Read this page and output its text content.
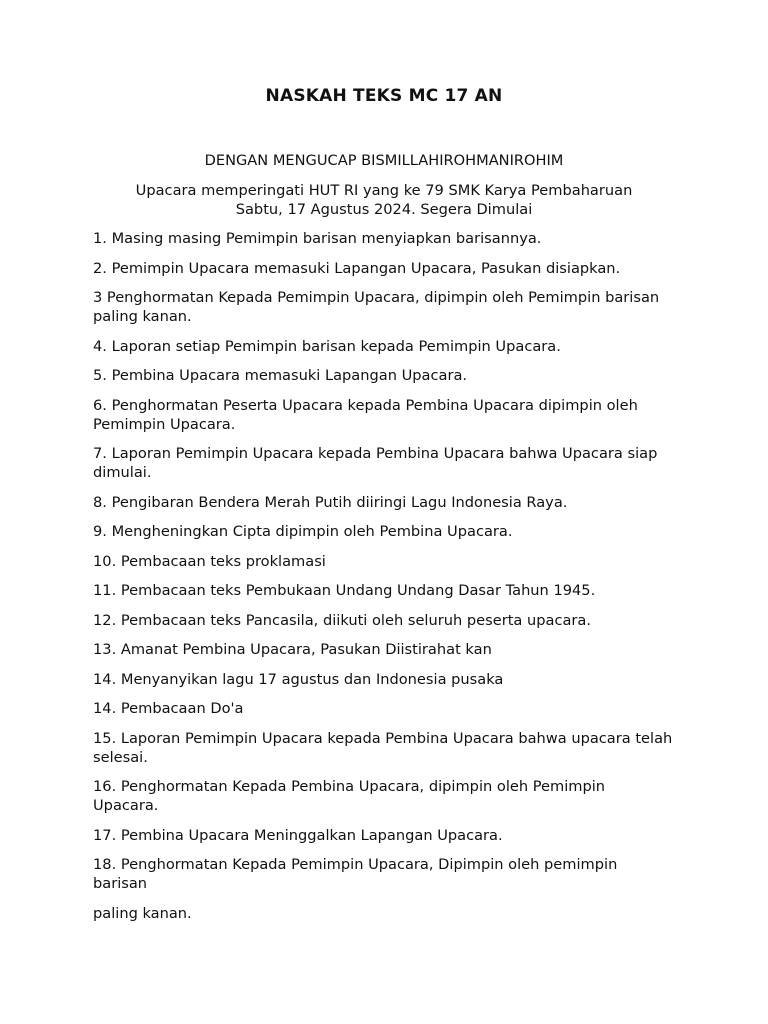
NASKAH TEKS MC 17 AN

DENGAN MENGUCAP BISMILLAHIROHMANIROHIM

Upacara memperingati HUT RI yang ke 79 SMK Karya Pembaharuan
Sabtu, 17 Agustus 2024. Segera Dimulai

1. Masing masing Pemimpin barisan menyiapkan barisannya.
2. Pemimpin Upacara memasuki Lapangan Upacara, Pasukan disiapkan.
3 Penghormatan Kepada Pemimpin Upacara, dipimpin oleh Pemimpin barisan paling kanan.
4. Laporan setiap Pemimpin barisan kepada Pemimpin Upacara.
5. Pembina Upacara memasuki Lapangan Upacara.
6. Penghormatan Peserta Upacara kepada Pembina Upacara dipimpin oleh Pemimpin Upacara.
7. Laporan Pemimpin Upacara kepada Pembina Upacara bahwa Upacara siap dimulai.
8. Pengibaran Bendera Merah Putih diiringi Lagu Indonesia Raya.
9. Mengheningkan Cipta dipimpin oleh Pembina Upacara.
10. Pembacaan teks proklamasi
11. Pembacaan teks Pembukaan Undang Undang Dasar Tahun 1945.
12. Pembacaan teks Pancasila, diikuti oleh seluruh peserta upacara.
13. Amanat Pembina Upacara, Pasukan Diistirahat kan
14. Menyanyikan lagu 17 agustus dan Indonesia pusaka
14. Pembacaan Do'a
15. Laporan Pemimpin Upacara kepada Pembina Upacara bahwa upacara telah selesai.
16. Penghormatan Kepada Pembina Upacara, dipimpin oleh Pemimpin Upacara.
17. Pembina Upacara Meninggalkan Lapangan Upacara.
18. Penghormatan Kepada Pemimpin Upacara, Dipimpin oleh pemimpin barisan
paling kanan.
